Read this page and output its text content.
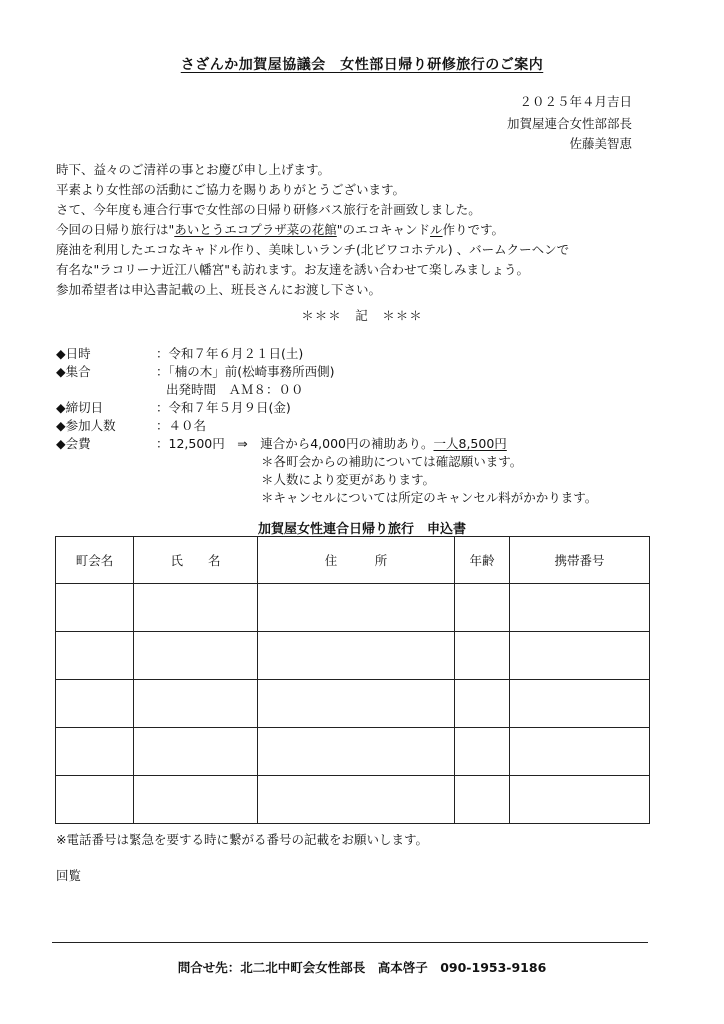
さざんか加賀屋協議会　女性部日帰り研修旅行のご案内
２０２５年４月吉日
加賀屋連合女性部部長
佐藤美智恵
時下、益々のご清祥の事とお慶び申し上げます。
平素より女性部の活動にご協力を賜りありがとうございます。
さて、今年度も連合行事で女性部の日帰り研修バス旅行を計画致しました。
今回の日帰り旅行は"あいとうエコプラザ菜の花館"のエコキャンドル作りです。
廃油を利用したエコなキャドル作り、美味しいランチ(北ビワコホテル) 、バームクーヘンで
有名な"ラコリーナ近江八幡宮"も訪れます。お友達を誘い合わせて楽しみましょう。
参加希望者は申込書記載の上、班長さんにお渡し下さい。
＊＊＊　記　＊＊＊
◆日時	：令和７年６月２１日(土)
◆集合	：「楠の木」前(松崎事務所西側)
出発時間　ＡＭ８：００
◆締切日	：令和７年５月９日(金)
◆参加人数	：４０名
◆会費	：12,500円　⇒　連合から4,000円の補助あり。一人8,500円
＊各町会からの補助については確認願います。
＊人数により変更があります。
＊キャンセルについては所定のキャンセル料がかかります。
加賀屋女性連合日帰り旅行　申込書
町会名	氏　　名	住　　　所	年齢	携帯番号

※電話番号は緊急を要する時に繋がる番号の記載をお願いします。
回覧
問合せ先：北二北中町会女性部長　高本啓子　090-1953-9186
